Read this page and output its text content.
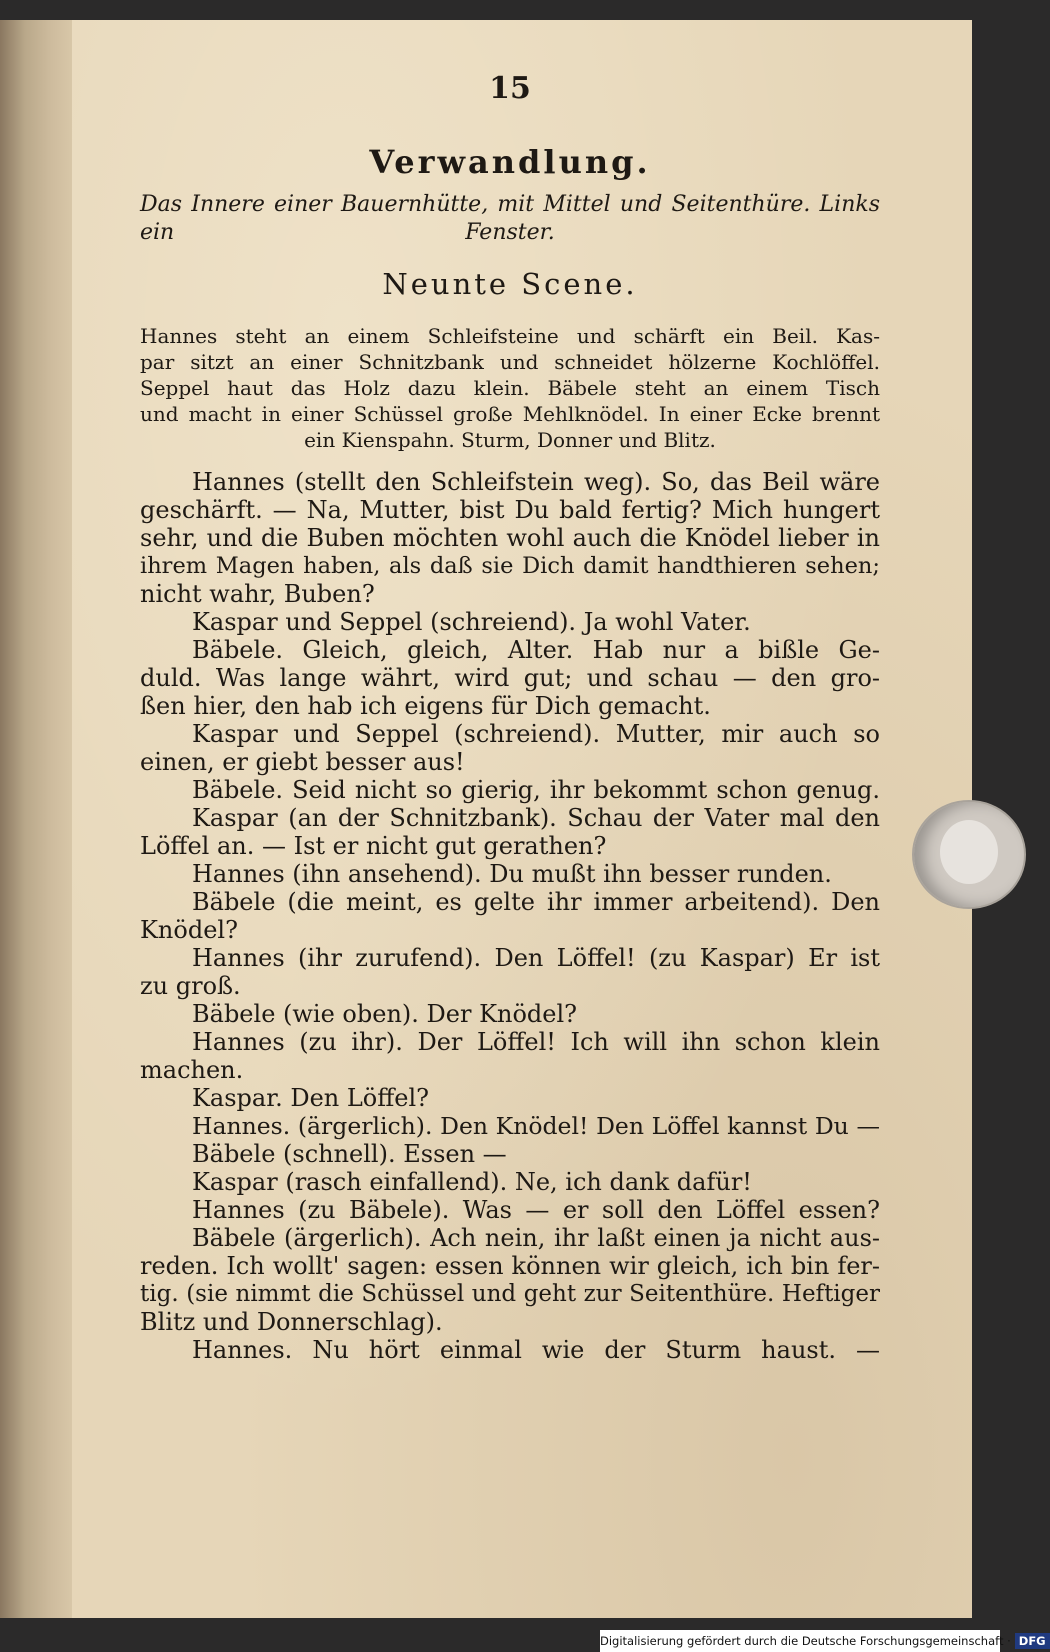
15
Verwandlung.
Das Innere einer Bauernhütte, mit Mittel und Seitenthüre. Links ein	Fenster.
Neunte Scene.
Hannes steht an einem Schleifsteine und schärft ein Beil. Kas-
par sitzt an einer Schnitzbank und schneidet hölzerne Kochlöffel.
Seppel haut das Holz dazu klein. Bäbele steht an einem Tisch
und macht in einer Schüssel große Mehlknödel. In einer Ecke brennt
ein Kienspahn. Sturm, Donner und Blitz.
Hannes (stellt den Schleifstein weg). So, das Beil wäre
geschärft. — Na, Mutter, bist Du bald fertig? Mich hungert
sehr, und die Buben möchten wohl auch die Knödel lieber in
ihrem Magen haben, als daß sie Dich damit handthieren sehen;
nicht wahr, Buben?
Kaspar und Seppel (schreiend). Ja wohl Vater.
Bäbele. Gleich, gleich, Alter. Hab nur a bißle Ge-
duld. Was lange währt, wird gut; und schau — den gro-
ßen hier, den hab ich eigens für Dich gemacht.
Kaspar und Seppel (schreiend). Mutter, mir auch so
einen, er giebt besser aus!
Bäbele. Seid nicht so gierig, ihr bekommt schon genug.
Kaspar (an der Schnitzbank). Schau der Vater mal den
Löffel an. — Ist er nicht gut gerathen?
Hannes (ihn ansehend). Du mußt ihn besser runden.
Bäbele (die meint, es gelte ihr immer arbeitend). Den
Knödel?
Hannes (ihr zurufend). Den Löffel! (zu Kaspar) Er ist
zu groß.
Bäbele (wie oben). Der Knödel?
Hannes (zu ihr). Der Löffel! Ich will ihn schon klein
machen.
Kaspar. Den Löffel?
Hannes. (ärgerlich). Den Knödel! Den Löffel kannst Du —
Bäbele (schnell). Essen —
Kaspar (rasch einfallend). Ne, ich dank dafür!
Hannes (zu Bäbele). Was — er soll den Löffel essen?
Bäbele (ärgerlich). Ach nein, ihr laßt einen ja nicht aus-
reden. Ich wollt' sagen: essen können wir gleich, ich bin fer-
tig. (sie nimmt die Schüssel und geht zur Seitenthüre. Heftiger
Blitz und Donnerschlag).
Hannes. Nu hört einmal wie der Sturm haust. —
Digitalisierung gefördert durch die Deutsche Forschungsgemeinschaft · DFG
